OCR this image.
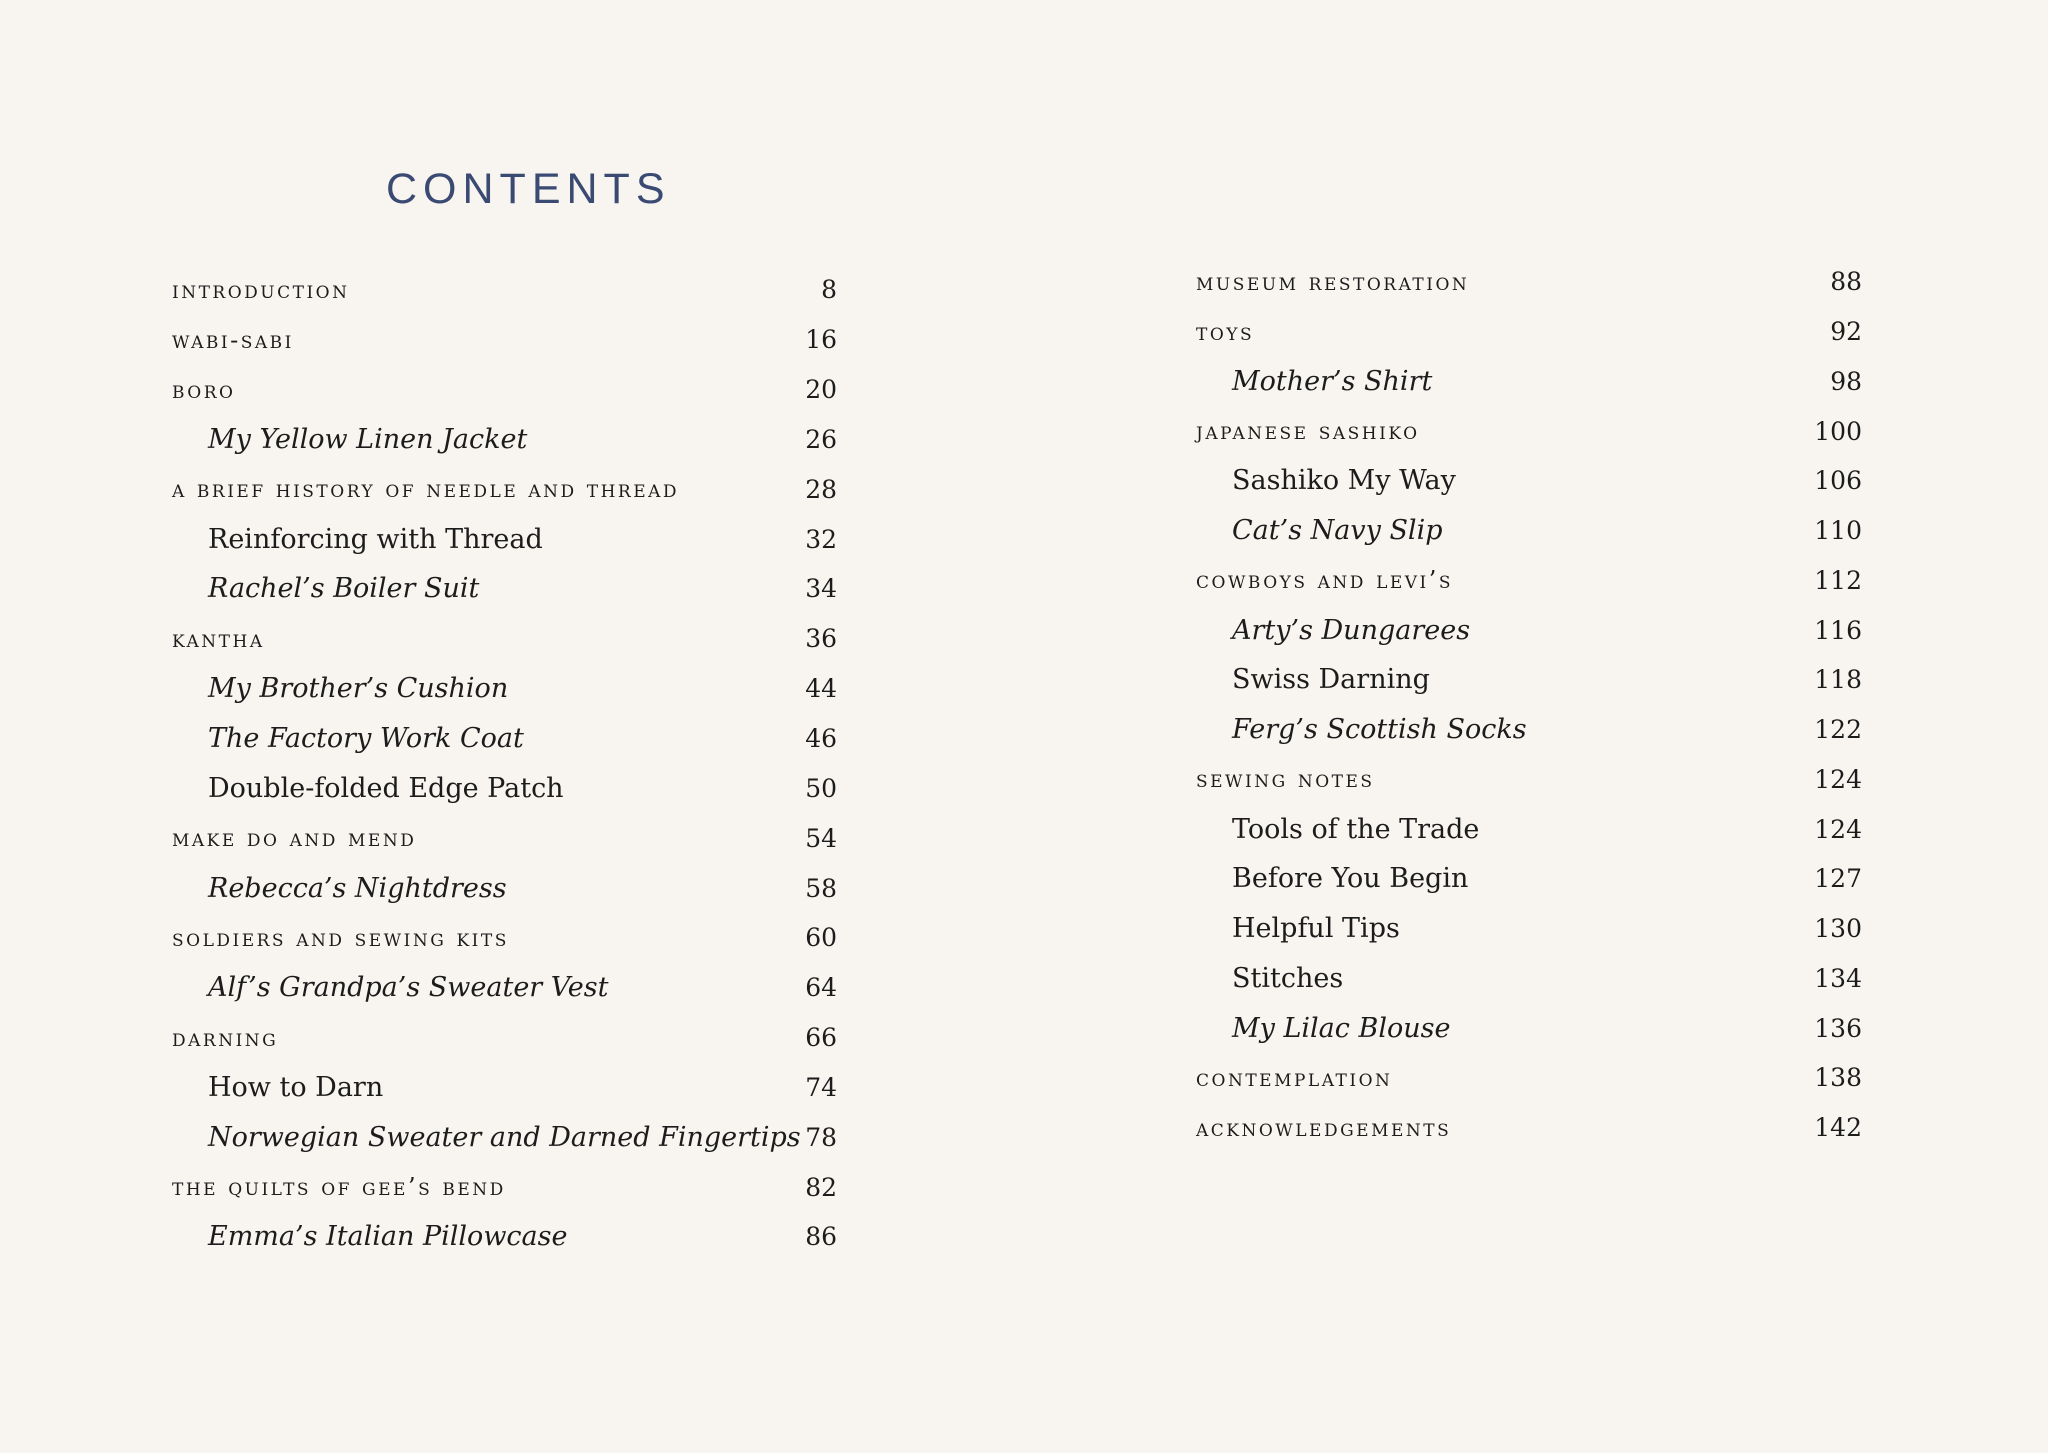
CONTENTS
introduction	8
wabi-sabi	16
boro	20
My Yellow Linen Jacket	26
a brief history of needle and thread	28
Reinforcing with Thread	32
Rachel’s Boiler Suit	34
kantha	36
My Brother’s Cushion	44
The Factory Work Coat	46
Double-folded Edge Patch	50
make do and mend	54
Rebecca’s Nightdress	58
soldiers and sewing kits	60
Alf’s Grandpa’s Sweater Vest	64
darning	66
How to Darn	74
Norwegian Sweater and Darned Fingertips 78
the quilts of gee’s bend	82
Emma’s Italian Pillowcase	86
museum restoration	88
toys	92
Mother’s Shirt	98
japanese sashiko	100
Sashiko My Way	106
Cat’s Navy Slip	110
cowboys and levi’s	112
Arty’s Dungarees	116
Swiss Darning	118
Ferg’s Scottish Socks	122
sewing notes	124
Tools of the Trade	124
Before You Begin	127
Helpful Tips	130
Stitches	134
My Lilac Blouse	136
contemplation	138
acknowledgements	142
